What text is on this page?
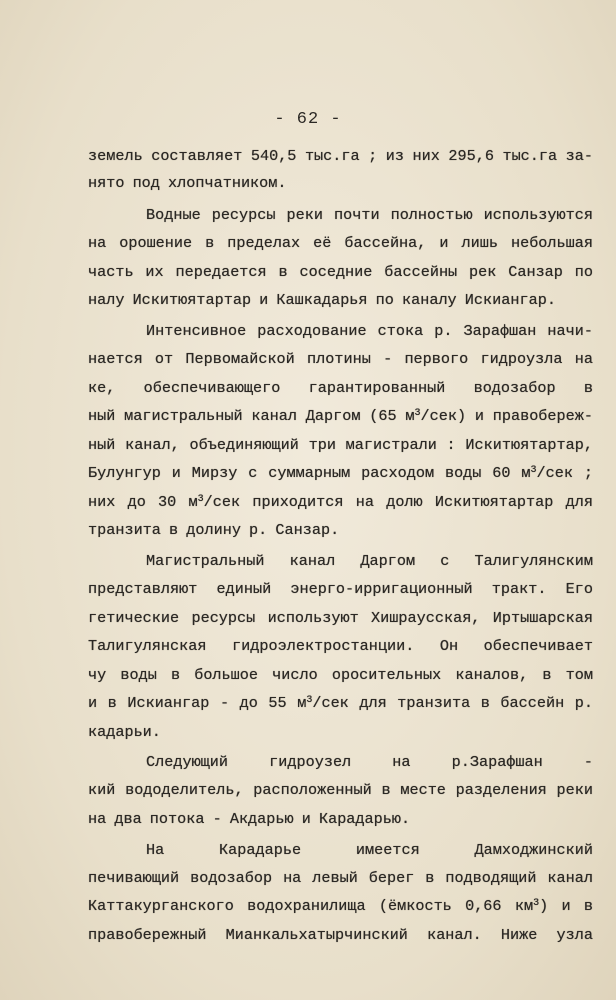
- 62 -
земель составляет 540,5 тыс.га ; из них 295,6 тыс.га за-
нято под хлопчатником.
Водные ресурсы реки почти полностью используются
на орошение в пределах её бассейна, и лишь небольшая
часть их передается в соседние бассейны рек Санзар по
налу Искитюятартар и Кашкадарья по каналу Искиангар.
Интенсивное расходование стока р. Зарафшан начи-
нается от Первомайской плотины - первого гидроузла на
ке, обеспечивающего гарантированный водозабор в
ный магистральный канал Даргом (65 $м^3/сек$) и правобереж-
ный канал, объединяющий три магистрали : Искитюятартар,
Булунгур и Мирзу с суммарным расходом воды 60 $м^3$/сек ;
них до 30 $м^3$/сек приходится на долю Искитюятартар для
транзита в долину р. Санзар.
Магистральный канал Даргом с Талигулянским
представляют единый энерго-ирригационный тракт. Его
гетические ресурсы используют Хишраусская, Иртышарская
Талигулянская гидроэлектростанции. Он обеспечивает
чу воды в большое число оросительных каналов, в том
и в Искиангар - до 55 $м^3$/сек для транзита в бассейн р.
кадарьи.
Следующий гидроузел на р.Зарафшан -
кий вододелитель, расположенный в месте разделения реки
на два потока - Акдарью и Карадарью.
На Карадарье имеется Дамходжинский
печивающий водозабор на левый берег в подводящий канал
Каттакурганского водохранилища (ёмкость 0,66 $км^3$) и в
правобережный Мианкальхатырчинский канал. Ниже узла
